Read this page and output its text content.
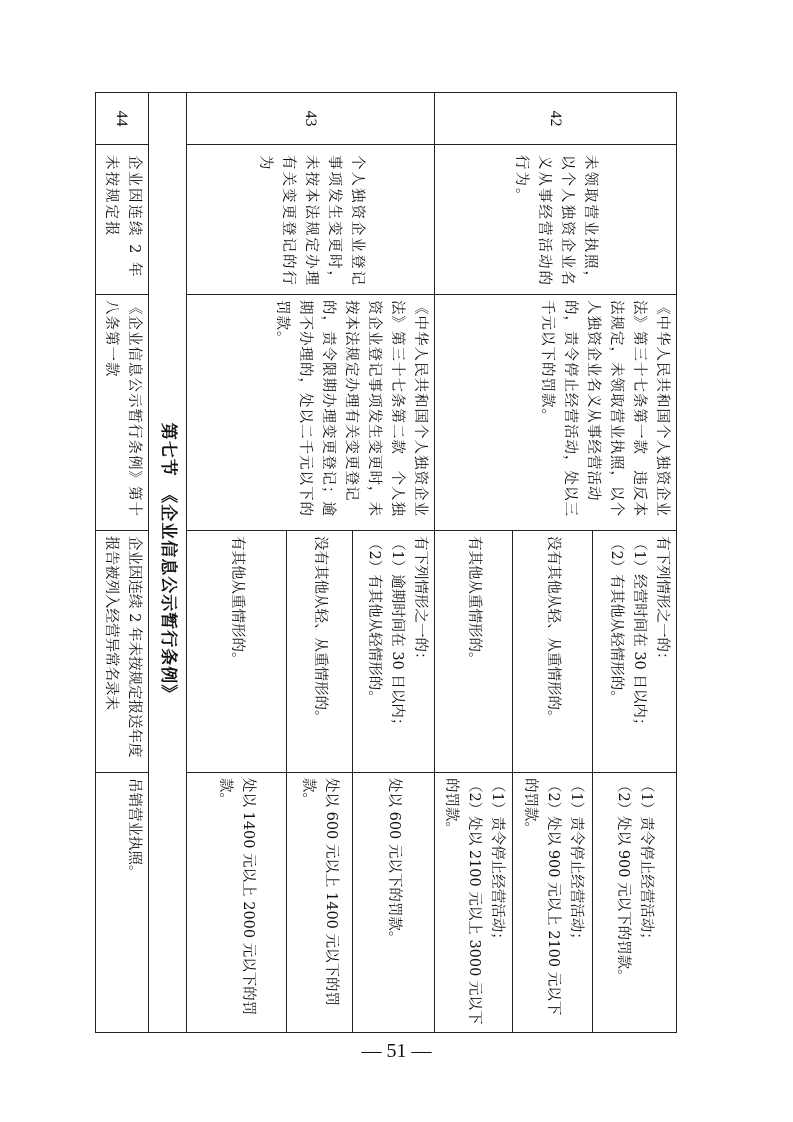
42	未领取营业执照，以个人独资企业名义从事经营活动的行为。	《中华人民共和国个人独资企业法》第三十七条第一款　违反本法规定，未领取营业执照，以个人独资企业名义从事经营活动的，责令停止经营活动，处以三千元以下的罚款。	有下列情形之一的：
（1）经营时间在 30 日以内；
（2）有其他从轻情形的。	（1）责令停止经营活动；
（2）处以 900 元以下的罚款。

			没有其他从轻、从重情形的。	（1）责令停止经营活动；
（2）处以 900 元以上 2100 元以下的罚款。
			有其他从重情形的。	（1）责令停止经营活动；
（2）处以 2100 元以上 3000 元以下的罚款。
43	个人独资企业登记事项发生变更时，未按本法规定办理有关变更登记的行为	《中华人民共和国个人独资企业法》第三十七条第二款　个人独资企业登记事项发生变更时，未按本法规定办理有关变更登记的，责令限期办理变更登记；逾期不办理的，处以二千元以下的罚款。	有下列情形之一的：
（1）逾期时间在 30 日以内；
（2）有其他从轻情形的。	处以 600 元以下的罚款。
			没有其他从轻、从重情形的。	处以 600 元以上 1400 元以下的罚款。
			有其他从重情形的。	处以 1400 元以上 2000 元以下的罚款。
第七节　《企业信息公示暂行条例》				
44	企业因连续 2 年未按规定报	《企业信息公示暂行条例》第十八条第一款	企业因连续 2 年未按规定报送年度报告被列入经营异常名录未	吊销营业执照。
— 51 —
